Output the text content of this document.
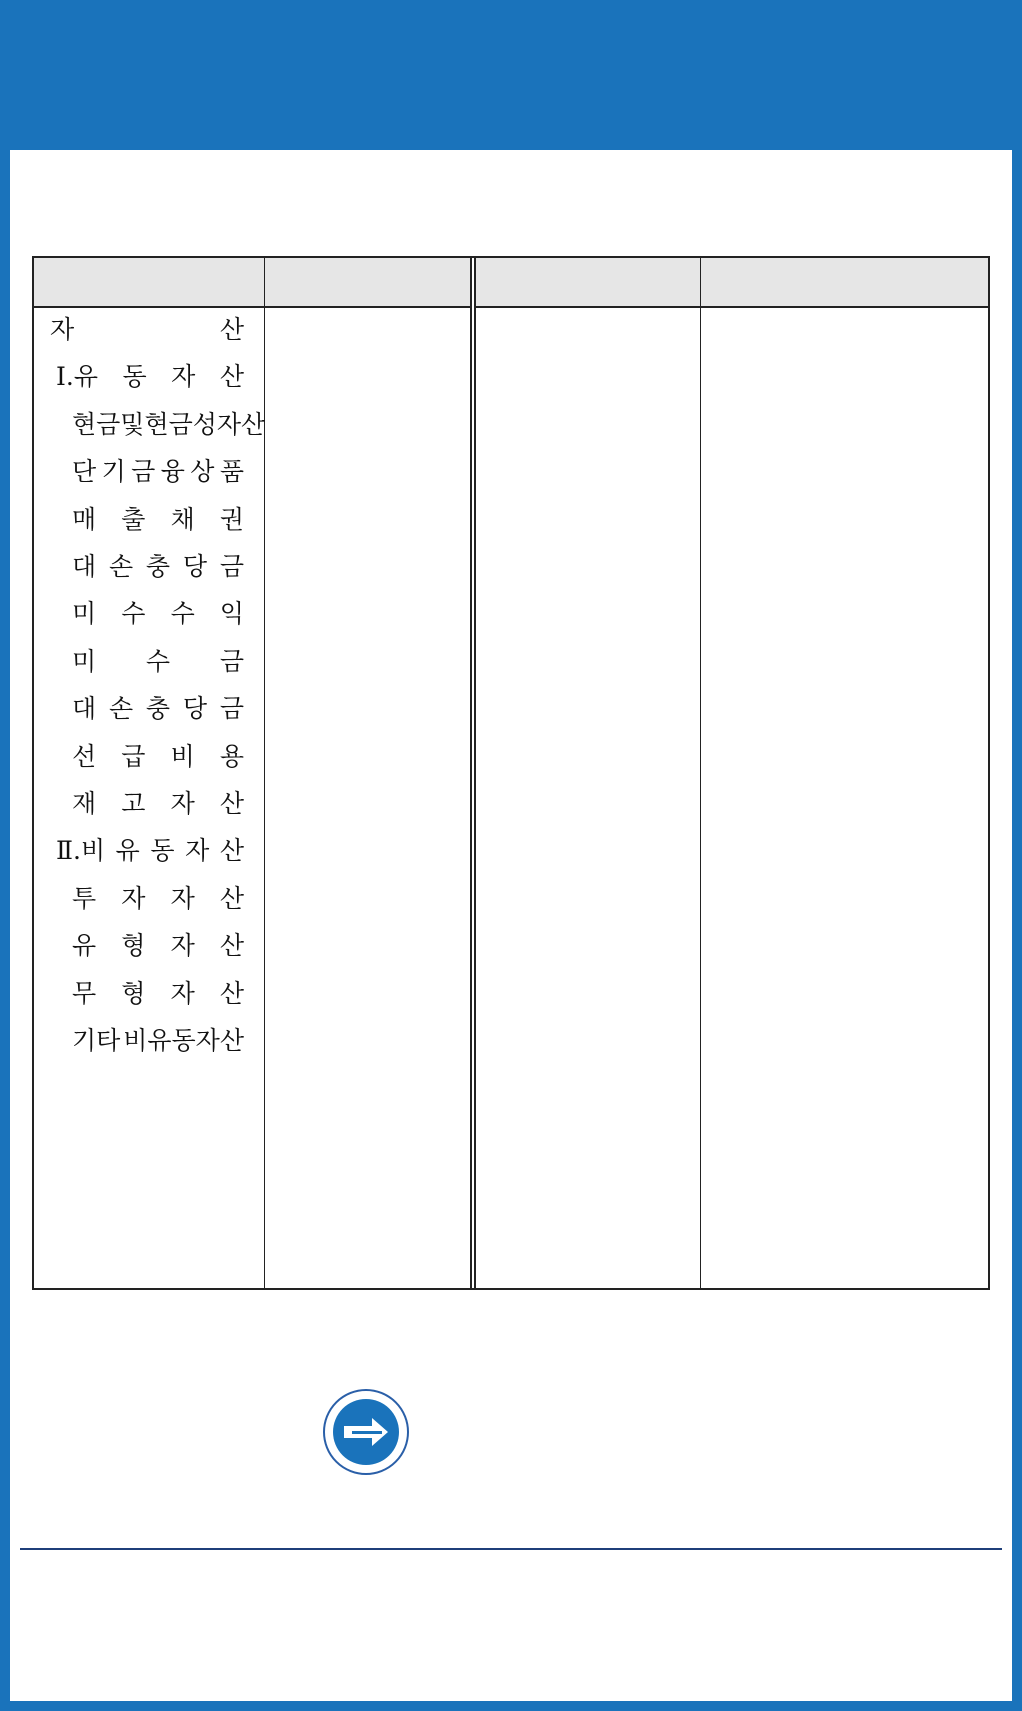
자	산
Ⅰ.유 동 자 산
현금및현금성자산
단 기 금 융 상 품
매 출 채 권
대 손 충 당 금
미 수 수 익
미 수 금
대 손 충 당 금
선 급 비 용
재 고 자 산
Ⅱ.비 유 동 자 산
투 자 자 산
유 형 자 산
무 형 자 산
기타 비유동자산
